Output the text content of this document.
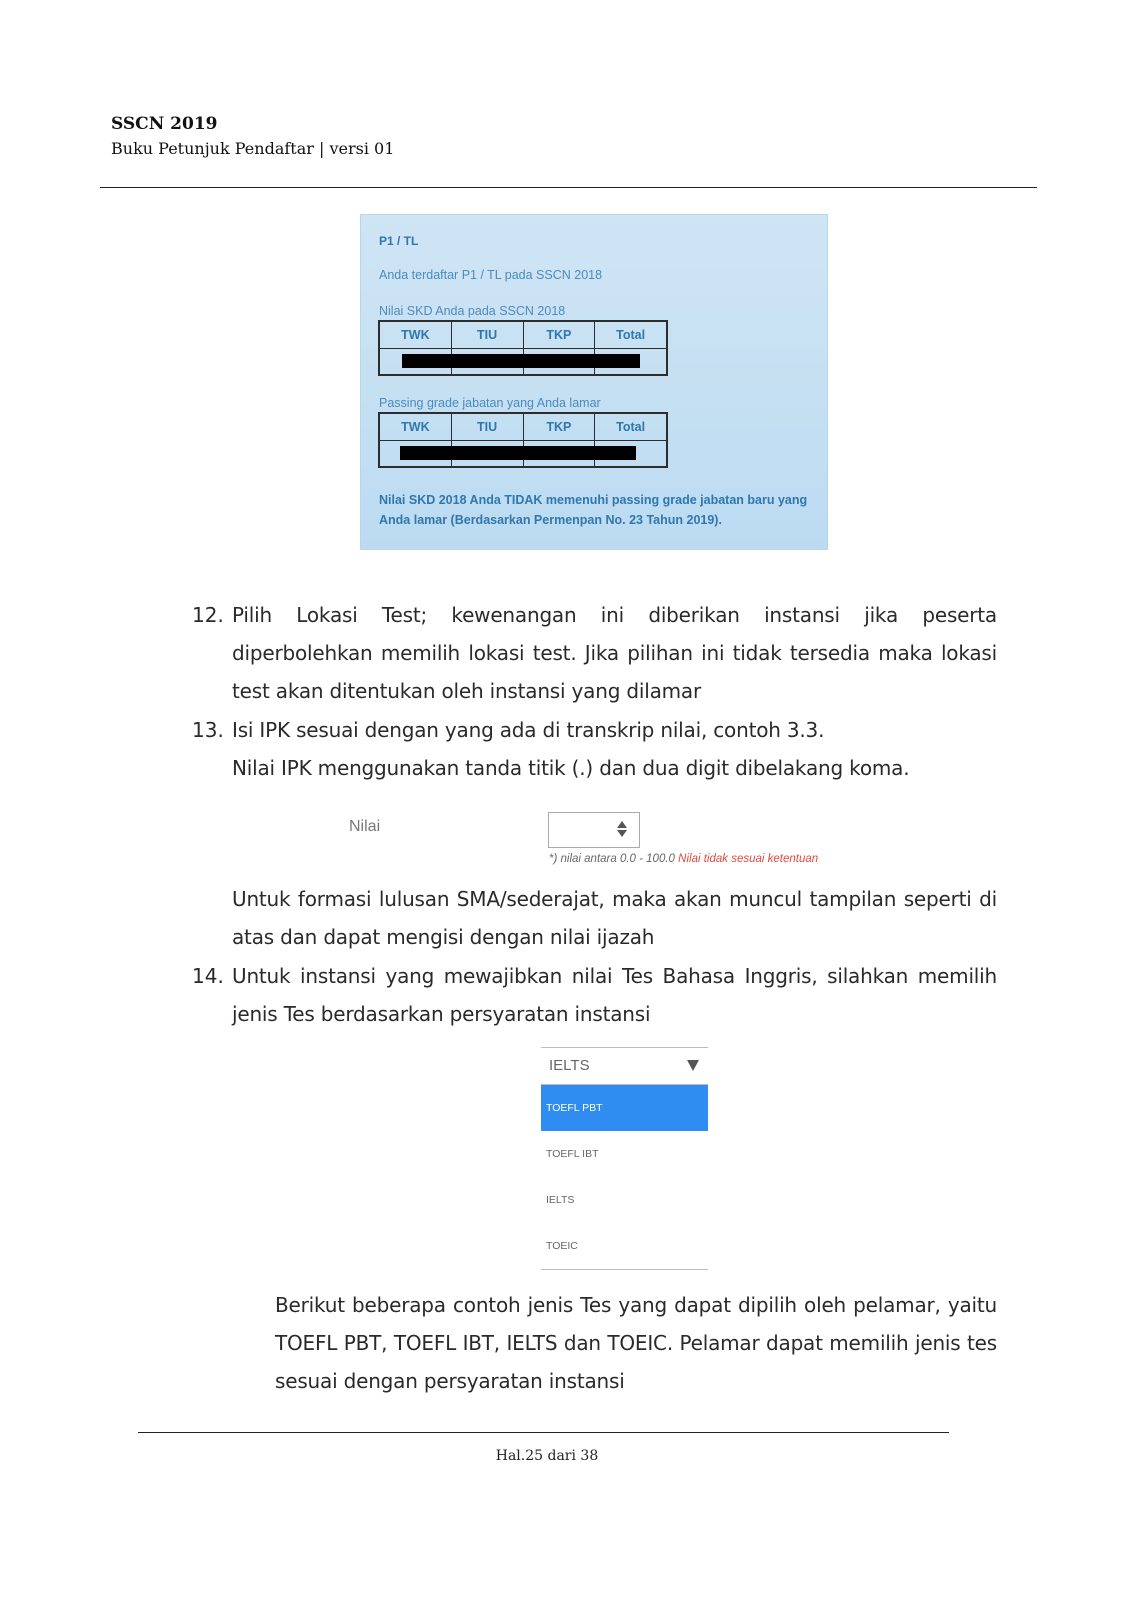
SSCN 2019
Buku Petunjuk Pendaftar | versi 01
P1 / TL
Anda terdaftar P1 / TL pada SSCN 2018
Nilai SKD Anda pada SSCN 2018
TWK	TIU	TKP	Total
Passing grade jabatan yang Anda lamar
TWK	TIU	TKP	Total
Nilai SKD 2018 Anda TIDAK memenuhi passing grade jabatan baru yang Anda lamar (Berdasarkan Permenpan No. 23 Tahun 2019).
12. Pilih Lokasi Test; kewenangan ini diberikan instansi jika peserta diperbolehkan memilih lokasi test. Jika pilihan ini tidak tersedia maka lokasi test akan ditentukan oleh instansi yang dilamar
13. Isi IPK sesuai dengan yang ada di transkrip nilai, contoh 3.3.
Nilai IPK menggunakan tanda titik (.) dan dua digit dibelakang koma.
Nilai
*) nilai antara 0.0 - 100.0 Nilai tidak sesuai ketentuan
Untuk formasi lulusan SMA/sederajat, maka akan muncul tampilan seperti di atas dan dapat mengisi dengan nilai ijazah
14. Untuk instansi yang mewajibkan nilai Tes Bahasa Inggris, silahkan memilih jenis Tes berdasarkan persyaratan instansi
IELTS
TOEFL PBT
TOEFL IBT
IELTS
TOEIC
Berikut beberapa contoh jenis Tes yang dapat dipilih oleh pelamar, yaitu TOEFL PBT, TOEFL IBT, IELTS dan TOEIC. Pelamar dapat memilih jenis tes sesuai dengan persyaratan instansi
Hal.25 dari 38
